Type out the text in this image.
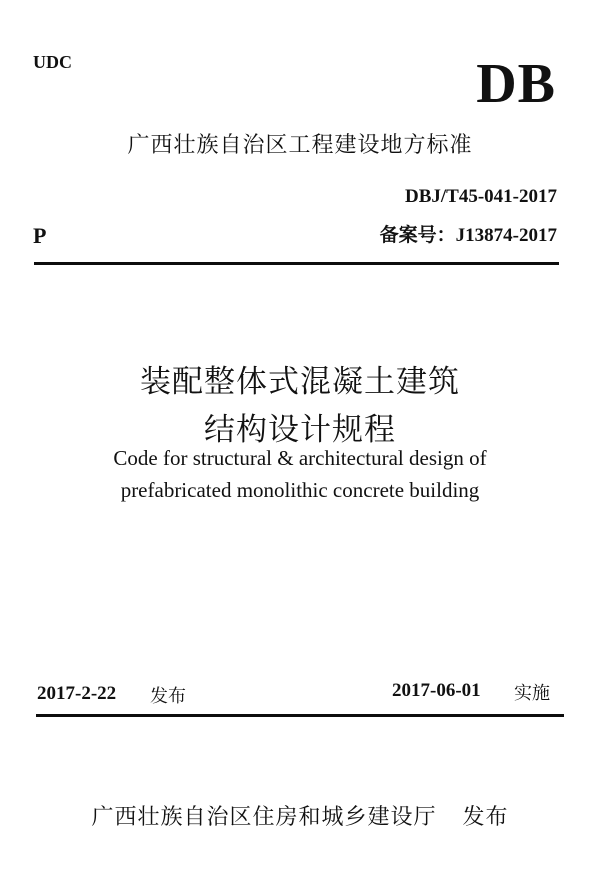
UDC	DB
广西壮族自治区工程建设地方标准
DBJ/T45-041-2017
P	备案号：J13874-2017
装配整体式混凝土建筑
结构设计规程
Code for structural & architectural design of
prefabricated monolithic concrete building
2017-2-22 发布	2017-06-01 实施
广西壮族自治区住房和城乡建设厅 发布
